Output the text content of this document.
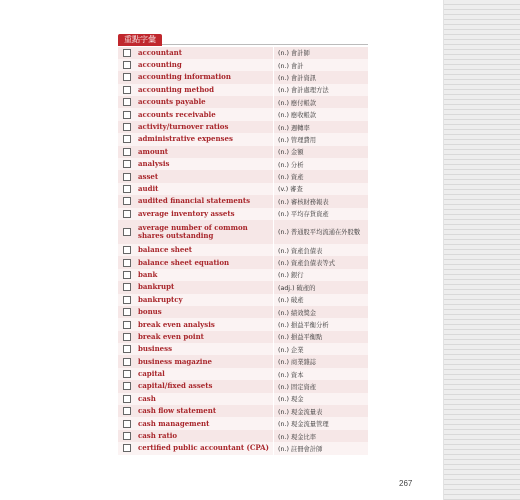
重點字彙
accountant	(n.) 會計師
accounting	(n.) 會計
accounting information	(n.) 會計資訊
accounting method	(n.) 會計處理方法
accounts payable	(n.) 應付帳款
accounts receivable	(n.) 應收帳款
activity/turnover ratios	(n.) 週轉率
administrative expenses	(n.) 管理費用
amount	(n.) 金額
analysis	(n.) 分析
asset	(n.) 資產
audit	(v.) 審查
audited financial statements	(n.) 審核財務報表
average inventory assets	(n.) 平均存貨資產
average number of common shares outstanding	(n.) 普通股平均流通在外股數
balance sheet	(n.) 資產負債表
balance sheet equation	(n.) 資產負債表等式
bank	(n.) 銀行
bankrupt	(adj.) 破產的
bankruptcy	(n.) 破產
bonus	(n.) 績效獎金
break even analysis	(n.) 損益平衡分析
break even point	(n.) 損益平衡點
business	(n.) 企業
business magazine	(n.) 商業雜誌
capital	(n.) 資本
capital/fixed assets	(n.) 固定資產
cash	(n.) 現金
cash flow statement	(n.) 現金流量表
cash management	(n.) 現金流量管理
cash ratio	(n.) 現金比率
certified public accountant (CPA)	(n.) 註冊會計師
267
